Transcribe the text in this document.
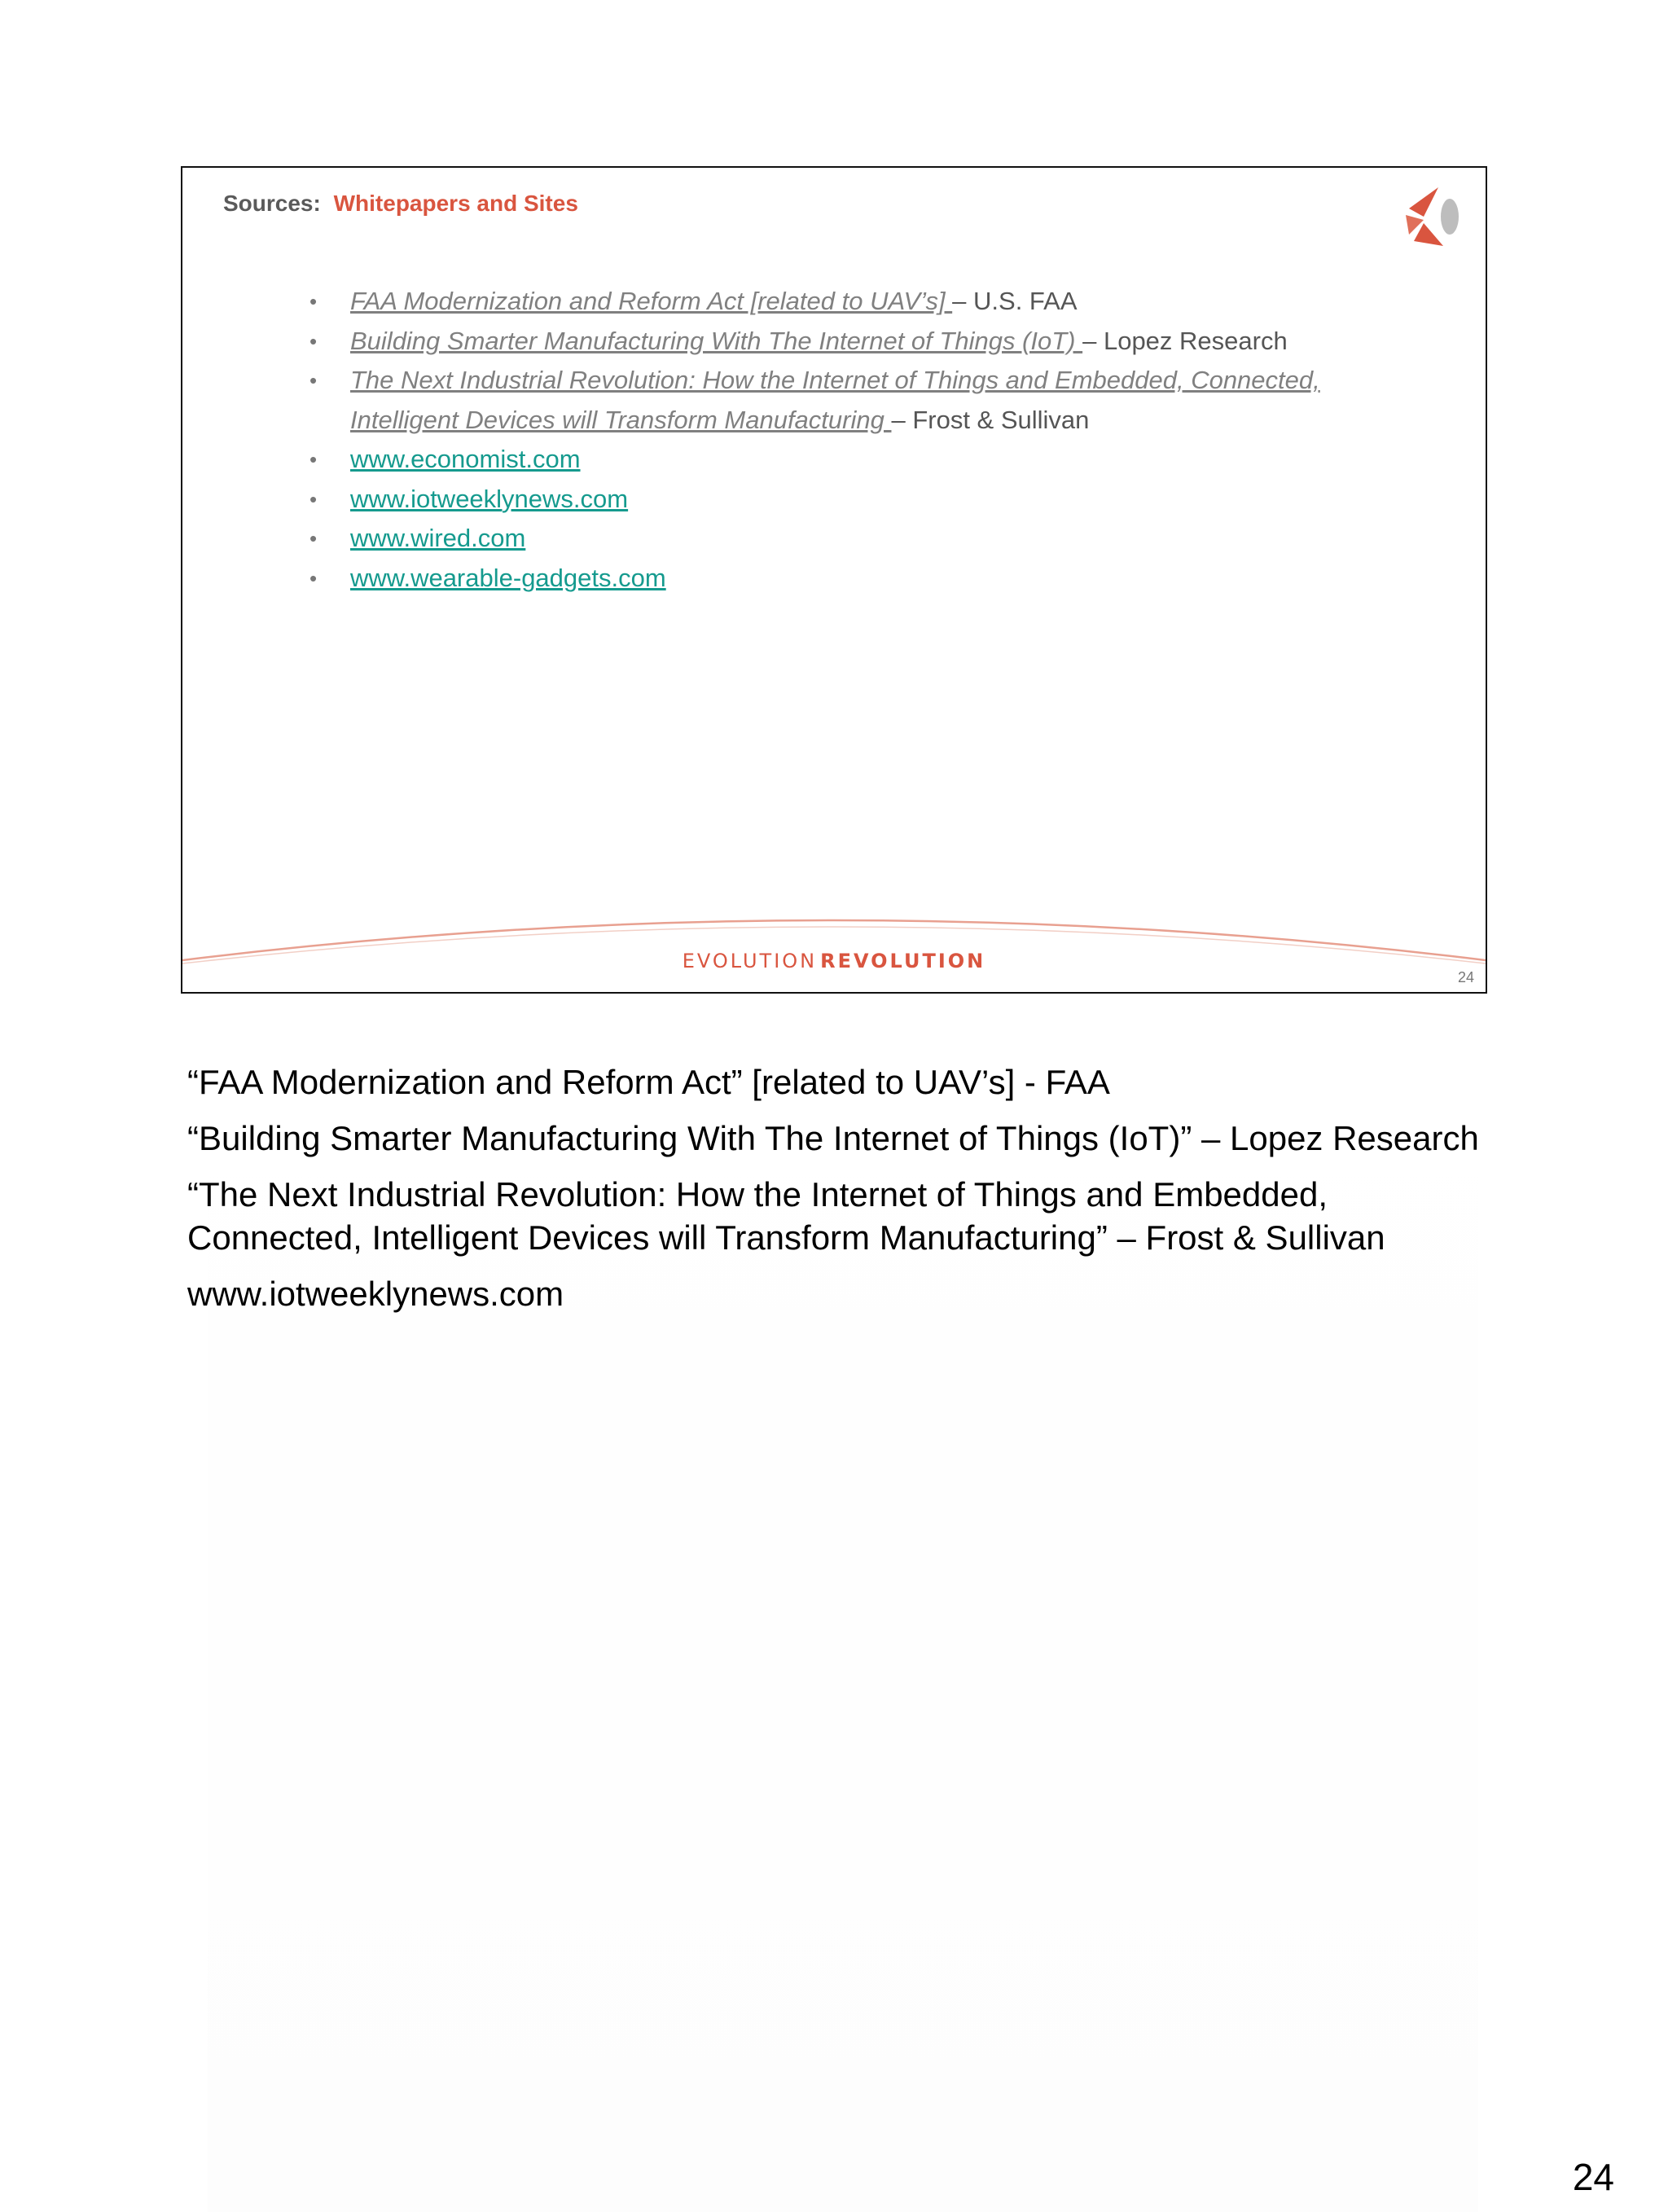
Sources: Whitepapers and Sites
• FAA Modernization and Reform Act [related to UAV’s] – U.S. FAA
• Building Smarter Manufacturing With The Internet of Things (IoT) – Lopez Research
• The Next Industrial Revolution: How the Internet of Things and Embedded, Connected, Intelligent Devices will Transform Manufacturing – Frost & Sullivan
• www.economist.com
• www.iotweeklynews.com
• www.wired.com
• www.wearable-gadgets.com
EVOLUTION REVOLUTION
24

“FAA Modernization and Reform Act” [related to UAV’s] - FAA

“Building Smarter Manufacturing With The Internet of Things (IoT)” – Lopez Research

“The Next Industrial Revolution: How the Internet of Things and Embedded, Connected, Intelligent Devices will Transform Manufacturing” – Frost & Sullivan

www.iotweeklynews.com

24
